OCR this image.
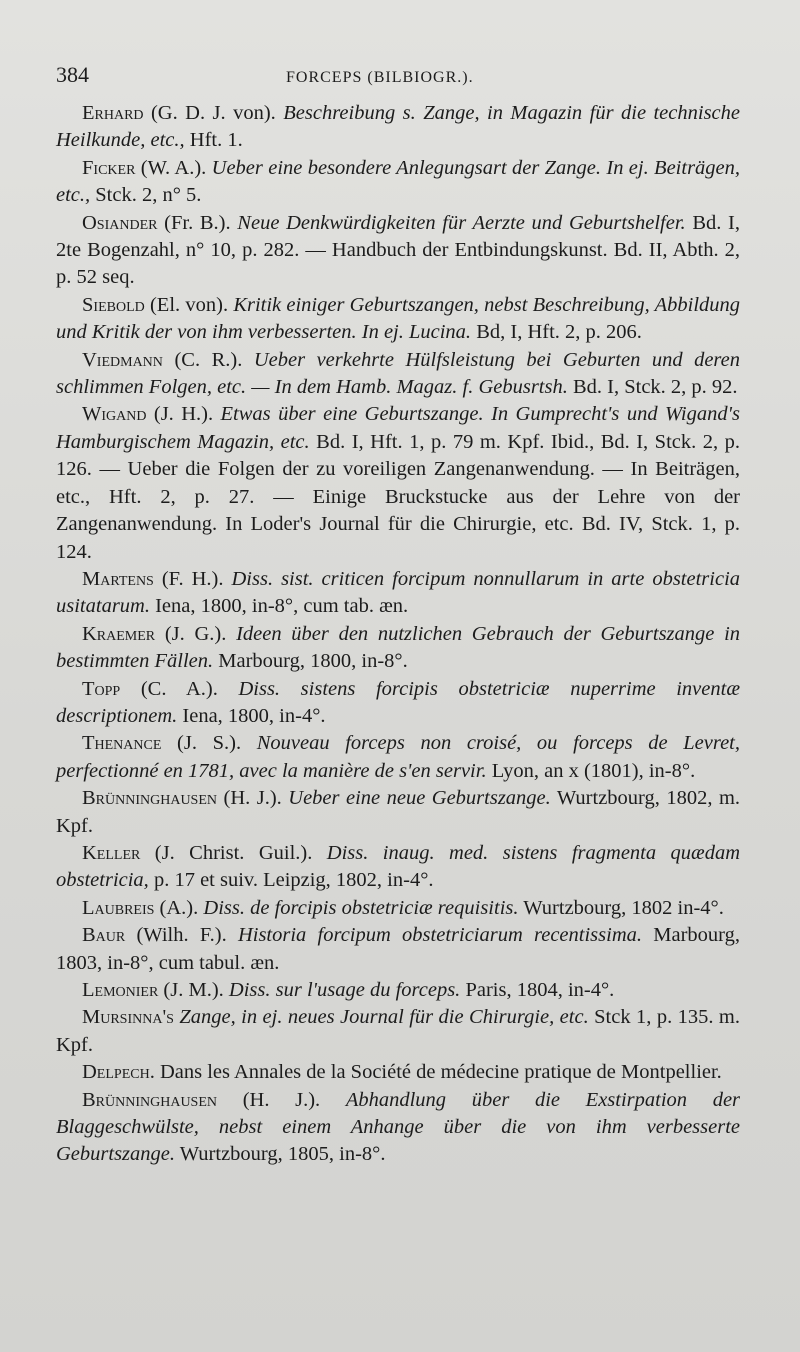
384	FORCEPS (BILBIOGR.).

Erhard (G. D. J. von). Beschreibung s. Zange, in Magazin für die technische Heilkunde, etc., Hft. 1.

Ficker (W. A.). Ueber eine besondere Anlegungsart der Zange. In ej. Beiträgen, etc., Stck. 2, n° 5.

Osiander (Fr. B.). Neue Denkwürdigkeiten für Aerzte und Geburtshelfer. Bd. I, 2te Bogenzahl, n° 10, p. 282. — Handbuch der Entbindungskunst. Bd. II, Abth. 2, p. 52 seq.

Siebold (El. von). Kritik einiger Geburtszangen, nebst Beschreibung, Abbildung und Kritik der von ihm verbesserten. In ej. Lucina. Bd, I, Hft. 2, p. 206.

Viedmann (C. R.). Ueber verkehrte Hülfsleistung bei Geburten und deren schlimmen Folgen, etc. — In dem Hamb. Magaz. f. Gebusrtsh. Bd. I, Stck. 2, p. 92.

Wigand (J. H.). Etwas über eine Geburtszange. In Gumprecht's und Wigand's Hamburgischem Magazin, etc. Bd. I, Hft. 1, p. 79 m. Kpf. Ibid., Bd. I, Stck. 2, p. 126. — Ueber die Folgen der zu voreiligen Zangenanwendung. — In Beiträgen, etc., Hft. 2, p. 27. — Einige Bruckstucke aus der Lehre von der Zangenanwendung. In Loder's Journal für die Chirurgie, etc. Bd. IV, Stck. 1, p. 124.

Martens (F. H.). Diss. sist. criticen forcipum nonnullarum in arte obstetricia usitatarum. Iena, 1800, in-8°, cum tab. æn.

Kraemer (J. G.). Ideen über den nutzlichen Gebrauch der Geburtszange in bestimmten Fällen. Marbourg, 1800, in-8°.

Topp (C. A.). Diss. sistens forcipis obstetriciæ nuperrime inventæ descriptionem. Iena, 1800, in-4°.

Thenance (J. S.). Nouveau forceps non croisé, ou forceps de Levret, perfectionné en 1781, avec la manière de s'en servir. Lyon, an x (1801), in-8°.

Brünninghausen (H. J.). Ueber eine neue Geburtszange. Wurtzbourg, 1802, m. Kpf.

Keller (J. Christ. Guil.). Diss. inaug. med. sistens fragmenta quædam obstetricia, p. 17 et suiv. Leipzig, 1802, in-4°.

Laubreis (A.). Diss. de forcipis obstetriciæ requisitis. Wurtzbourg, 1802 in-4°.

Baur (Wilh. F.). Historia forcipum obstetriciarum recentissima. Marbourg, 1803, in-8°, cum tabul. æn.

Lemonier (J. M.). Diss. sur l'usage du forceps. Paris, 1804, in-4°.

Mursinna's Zange, in ej. neues Journal für die Chirurgie, etc. Stck 1, p. 135. m. Kpf.

Delpech. Dans les Annales de la Société de médecine pratique de Montpellier.

Brünninghausen (H. J.). Abhandlung über die Exstirpation der Blaggeschwülste, nebst einem Anhange über die von ihm verbesserte Geburtszange. Wurtzbourg, 1805, in-8°.
